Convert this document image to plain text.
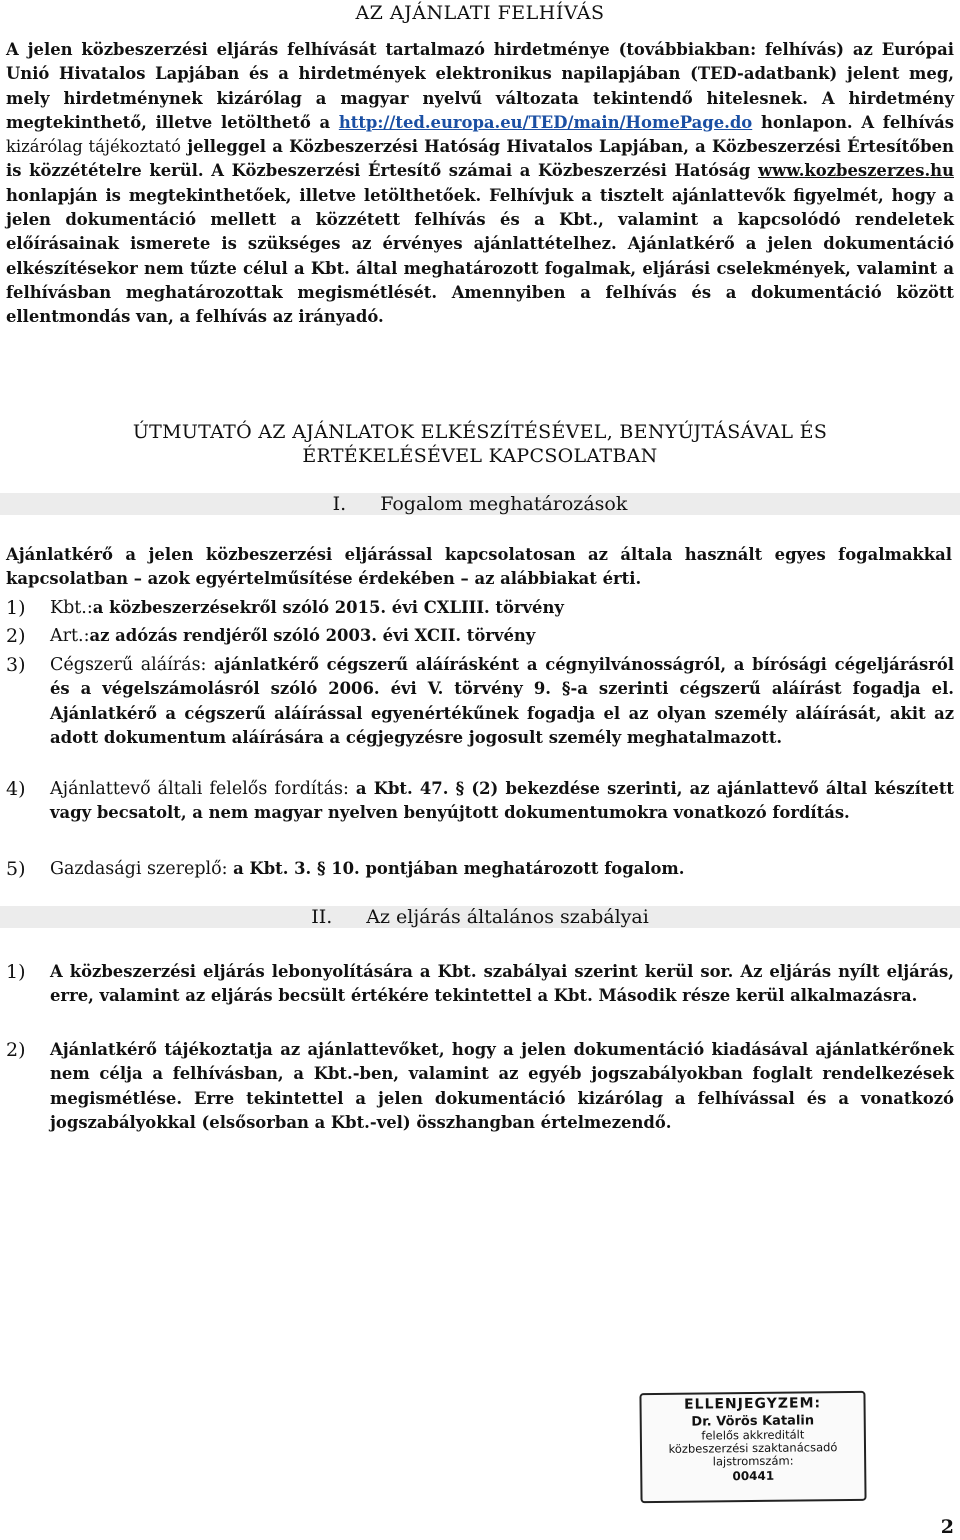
AZ AJÁNLATI FELHÍVÁS

A jelen közbeszerzési eljárás felhívását tartalmazó hirdetménye (továbbiakban: felhívás) az Európai Unió Hivatalos Lapjában és a hirdetmények elektronikus napilapjában (TED-adatbank) jelent meg, mely hirdetménynek kizárólag a magyar nyelvű változata tekintendő hitelesnek. A hirdetmény megtekinthető, illetve letölthető a http://ted.europa.eu/TED/main/HomePage.do honlapon. A felhívás kizárólag tájékoztató jelleggel a Közbeszerzési Hatóság Hivatalos Lapjában, a Közbeszerzési Értesítőben is közzétételre kerül. A Közbeszerzési Értesítő számai a Közbeszerzési Hatóság www.kozbeszerzes.hu honlapján is megtekinthetőek, illetve letölthetőek. Felhívjuk a tisztelt ajánlattevők figyelmét, hogy a jelen dokumentáció mellett a közzétett felhívás és a Kbt., valamint a kapcsolódó rendeletek előírásainak ismerete is szükséges az érvényes ajánlattételhez. Ajánlatkérő a jelen dokumentáció elkészítésekor nem tűzte célul a Kbt. által meghatározott fogalmak, eljárási cselekmények, valamint a felhívásban meghatározottak megismétlését. Amennyiben a felhívás és a dokumentáció között ellentmondás van, a felhívás az irányadó.

ÚTMUTATÓ AZ AJÁNLATOK ELKÉSZÍTÉSÉVEL, BENYÚJTÁSÁVAL ÉS
ÉRTÉKELÉSÉVEL KAPCSOLATBAN
I. Fogalom meghatározások

Ajánlatkérő a jelen közbeszerzési eljárással kapcsolatosan az általa használt egyes fogalmakkal kapcsolatban – azok egyértelműsítése érdekében – az alábbiakat érti.

1) Kbt.:a közbeszerzésekről szóló 2015. évi CXLIII. törvény
2) Art.:az adózás rendjéről szóló 2003. évi XCII. törvény
3) Cégszerű aláírás: ajánlatkérő cégszerű aláírásként a cégnyilvánosságról, a bírósági cégeljárásról és a végelszámolásról szóló 2006. évi V. törvény 9. §-a szerinti cégszerű aláírást fogadja el. Ajánlatkérő a cégszerű aláírással egyenértékűnek fogadja el az olyan személy aláírását, akit az adott dokumentum aláírására a cégjegyzésre jogosult személy meghatalmazott.
4) Ajánlattevő általi felelős fordítás: a Kbt. 47. § (2) bekezdése szerinti, az ajánlattevő által készített vagy becsatolt, a nem magyar nyelven benyújtott dokumentumokra vonatkozó fordítás.
5) Gazdasági szereplő: a Kbt. 3. § 10. pontjában meghatározott fogalom.
II. Az eljárás általános szabályai
1) A közbeszerzési eljárás lebonyolítására a Kbt. szabályai szerint kerül sor. Az eljárás nyílt eljárás, erre, valamint az eljárás becsült értékére tekintettel a Kbt. Második része kerül alkalmazásra.
2) Ajánlatkérő tájékoztatja az ajánlattevőket, hogy a jelen dokumentáció kiadásával ajánlatkérőnek nem célja a felhívásban, a Kbt.-ben, valamint az egyéb jogszabályokban foglalt rendelkezések megismétlése. Erre tekintettel a jelen dokumentáció kizárólag a felhívással és a vonatkozó jogszabályokkal (elsősorban a Kbt.-vel) összhangban értelmezendő.
ELLENJEGYZEM:
Dr. Vörös Katalin
felelős akkreditált
közbeszerzési szaktanácsadó
lajstromszám:
00441
2
